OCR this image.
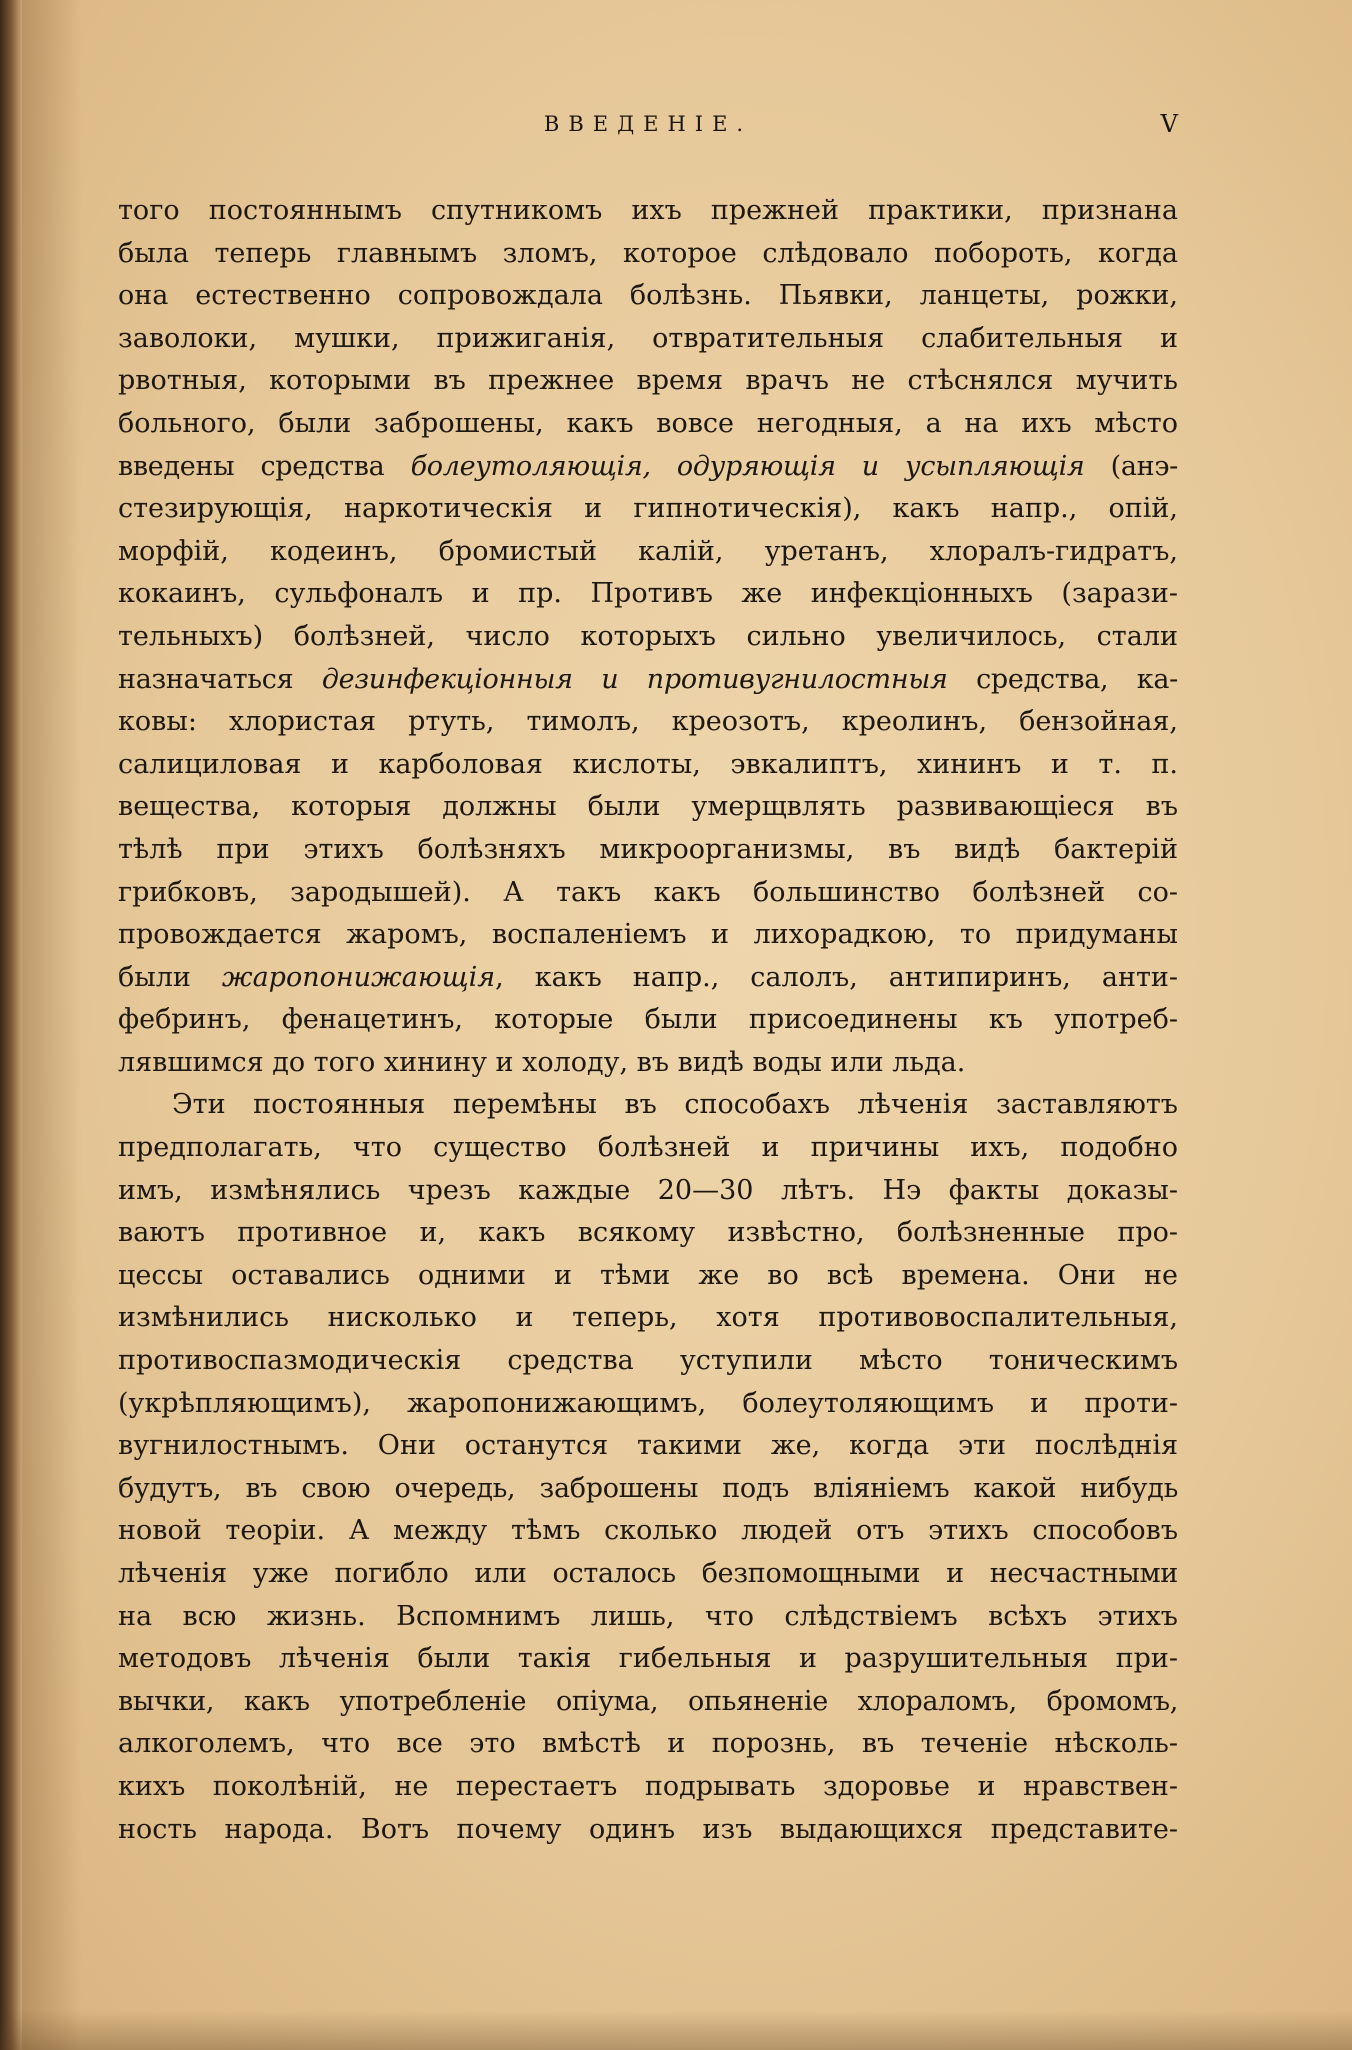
ВВЕДЕНІЕ.	V
того постояннымъ спутникомъ ихъ прежней практики, признана
была теперь главнымъ зломъ, которое слѣдовало побороть, когда
она естественно сопровождала болѣзнь. Пьявки, ланцеты, рожки,
заволоки, мушки, прижиганія, отвратительныя слабительныя и
рвотныя, которыми въ прежнее время врачъ не стѣснялся мучить
больного, были заброшены, какъ вовсе негодныя, а на ихъ мѣсто
введены средства болеутоляющія, одуряющія и усыпляющія (анэ-
стезирующія, наркотическія и гипнотическія), какъ напр., опій,
морфій, кодеинъ, бромистый калій, уретанъ, хлоралъ-гидратъ,
кокаинъ, сульфоналъ и пр. Противъ же инфекціонныхъ (зарази-
тельныхъ) болѣзней, число которыхъ сильно увеличилось, стали
назначаться дезинфекціонныя и противугнилостныя средства, ка-
ковы: хлористая ртуть, тимолъ, креозотъ, креолинъ, бензойная,
салициловая и карболовая кислоты, эвкалиптъ, хининъ и т. п.
вещества, которыя должны были умерщвлять развивающіеся въ
тѣлѣ при этихъ болѣзняхъ микроорганизмы, въ видѣ бактерій
грибковъ, зародышей). А такъ какъ большинство болѣзней со-
провождается жаромъ, воспаленіемъ и лихорадкою, то придуманы
были жаропонижающія, какъ напр., салолъ, антипиринъ, анти-
фебринъ, фенацетинъ, которые были присоединены къ употреб-
лявшимся до того хинину и холоду, въ видѣ воды или льда.
Эти постоянныя перемѣны въ способахъ лѣченія заставляютъ
предполагать, что существо болѣзней и причины ихъ, подобно
имъ, измѣнялись чрезъ каждые 20—30 лѣтъ. Нэ факты доказы-
ваютъ противное и, какъ всякому извѣстно, болѣзненные про-
цессы оставались одними и тѣми же во всѣ времена. Они не
измѣнились нисколько и теперь, хотя противовоспалительныя,
противоспазмодическія средства уступили мѣсто тоническимъ
(укрѣпляющимъ), жаропонижающимъ, болеутоляющимъ и проти-
вугнилостнымъ. Они останутся такими же, когда эти послѣднія
будутъ, въ свою очередь, заброшены подъ вліяніемъ какой нибудь
новой теоріи. А между тѣмъ сколько людей отъ этихъ способовъ
лѣченія уже погибло или осталось безпомощными и несчастными
на всю жизнь. Вспомнимъ лишь, что слѣдствіемъ всѣхъ этихъ
методовъ лѣченія были такія гибельныя и разрушительныя при-
вычки, какъ употребленіе опіума, опьяненіе хлораломъ, бромомъ,
алкоголемъ, что все это вмѣстѣ и порознь, въ теченіе нѣсколь-
кихъ поколѣній, не перестаетъ подрывать здоровье и нравствен-
ность народа. Вотъ почему одинъ изъ выдающихся представите-
